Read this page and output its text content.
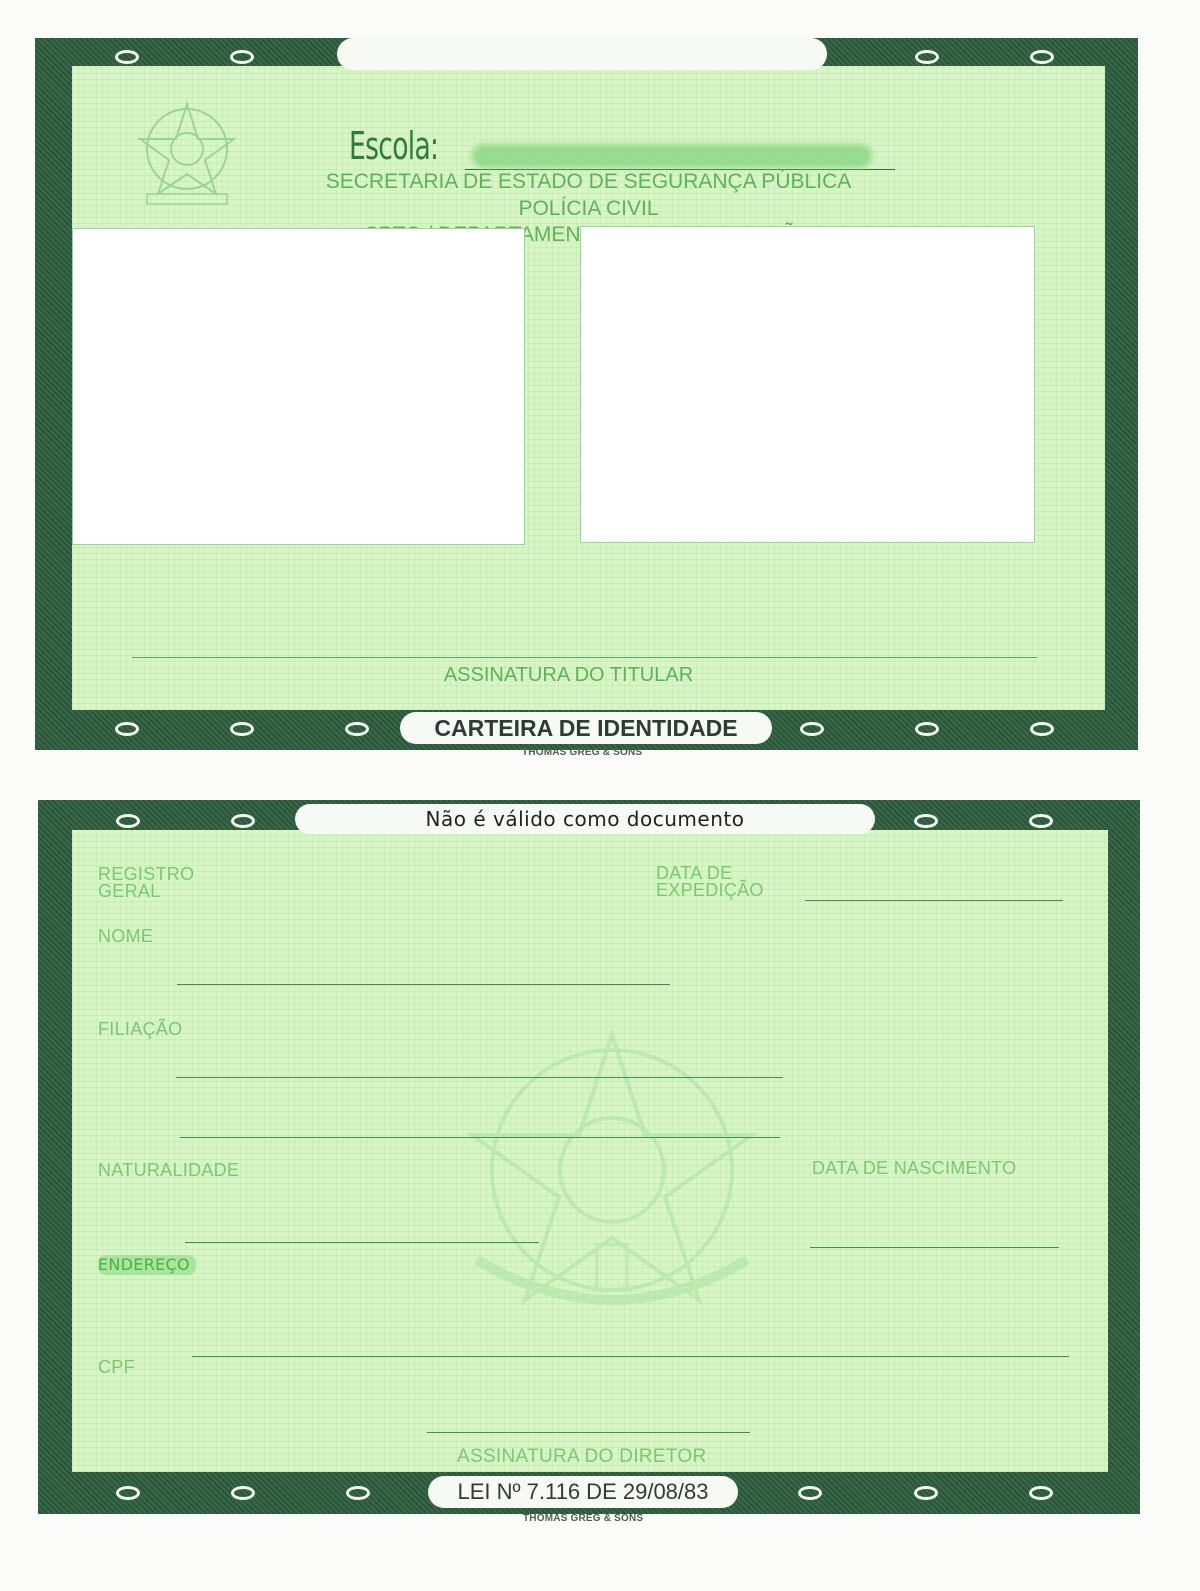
Escola:
SECRETARIA DE ESTADO DE SEGURANÇA PÚBLICA
POLÍCIA CIVIL
ASSINATURA DO TITULAR
CARTEIRA DE IDENTIDADE
THOMAS GREG & SONS
REGISTRO
GERAL
DATA DE
EXPEDIÇÃO
NOME
FILIAÇÃO
NATURALIDADE	DATA DE NASCIMENTO
ENDEREÇO
CPF
ASSINATURA DO DIRETOR
Não é válido como documento
LEI Nº 7.116 DE 29/08/83
THOMAS GREG & SONS
